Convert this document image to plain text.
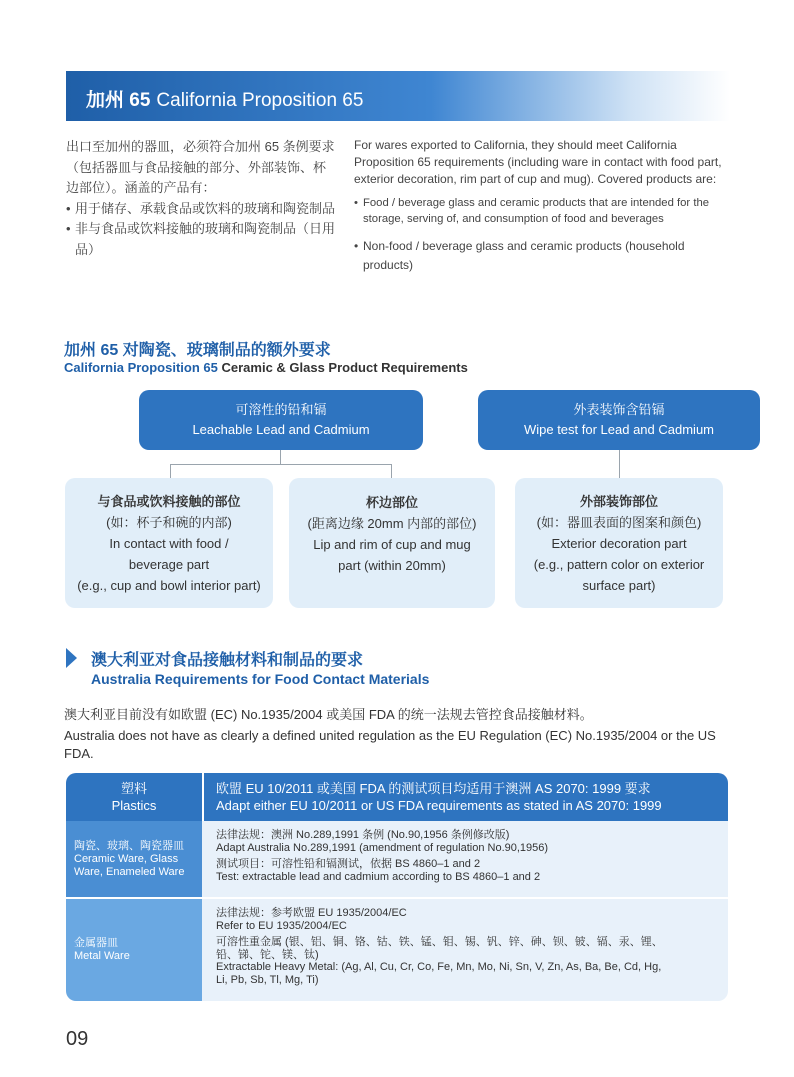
加州 65 California Proposition 65

出口至加州的器皿，必须符合加州 65 条例要求（包括器皿与食品接触的部分、外部装饰、杯边部位）。涵盖的产品有：

• 用于储存、承载食品或饮料的玻璃和陶瓷制品

• 非与食品或饮料接触的玻璃和陶瓷制品（日用品）

For wares exported to California, they should meet California Proposition 65 requirements (including ware in contact with food part, exterior decoration, rim part of cup and mug). Covered products are:

• Food / beverage glass and ceramic products that are intended for the storage, serving of, and consumption of food and beverages

• Non-food / beverage glass and ceramic products (household products)

加州 65 对陶瓷、玻璃制品的额外要求
California Proposition 65 Ceramic & Glass Product Requirements
可溶性的铅和镉
Leachable Lead and Cadmium
外表装饰含铅镉
Wipe test for Lead and Cadmium
与食品或饮料接触的部位
(如：杯子和碗的内部)
In contact with food /
beverage part
(e.g., cup and bowl interior part)
杯边部位
(距离边缘 20mm 内部的部位)
Lip and rim of cup and mug
part (within 20mm)
外部装饰部位
(如：器皿表面的图案和颜色)
Exterior decoration part
(e.g., pattern color on exterior
surface part)
澳大利亚对食品接触材料和制品的要求
Australia Requirements for Food Contact Materials

澳大利亚目前没有如欧盟 (EC) No.1935/2004 或美国 FDA 的统一法规去管控食品接触材料。

Australia does not have as clearly a defined united regulation as the EU Regulation (EC) No.1935/2004 or the US FDA.

塑料
Plastics
欧盟 EU 10/2011 或美国 FDA 的测试项目均适用于澳洲 AS 2070: 1999 要求
Adapt either EU 10/2011 or US FDA requirements as stated in AS 2070: 1999
陶瓷、玻璃、陶瓷器皿
Ceramic Ware, Glass Ware, Enameled Ware

法律法规：澳洲 No.289,1991 条例 (No.90,1956 条例修改版)

Adapt Australia No.289,1991 (amendment of regulation No.90,1956)

测试项目：可溶性铅和镉测试，依据 BS 4860–1 and 2

Test: extractable lead and cadmium according to BS 4860–1 and 2

金属器皿
Metal Ware

法律法规：参考欧盟 EU 1935/2004/EC

Refer to EU 1935/2004/EC

可溶性重金属 (银、铝、铜、铬、钴、铁、锰、钼、锡、钒、锌、砷、钡、铍、镉、汞、锂、

铅、锑、铊、镁、钛)

Extractable Heavy Metal: (Ag, Al, Cu, Cr, Co, Fe, Mn, Mo, Ni, Sn, V, Zn, As, Ba, Be, Cd, Hg,

Li, Pb, Sb, Tl, Mg, Ti)

09
